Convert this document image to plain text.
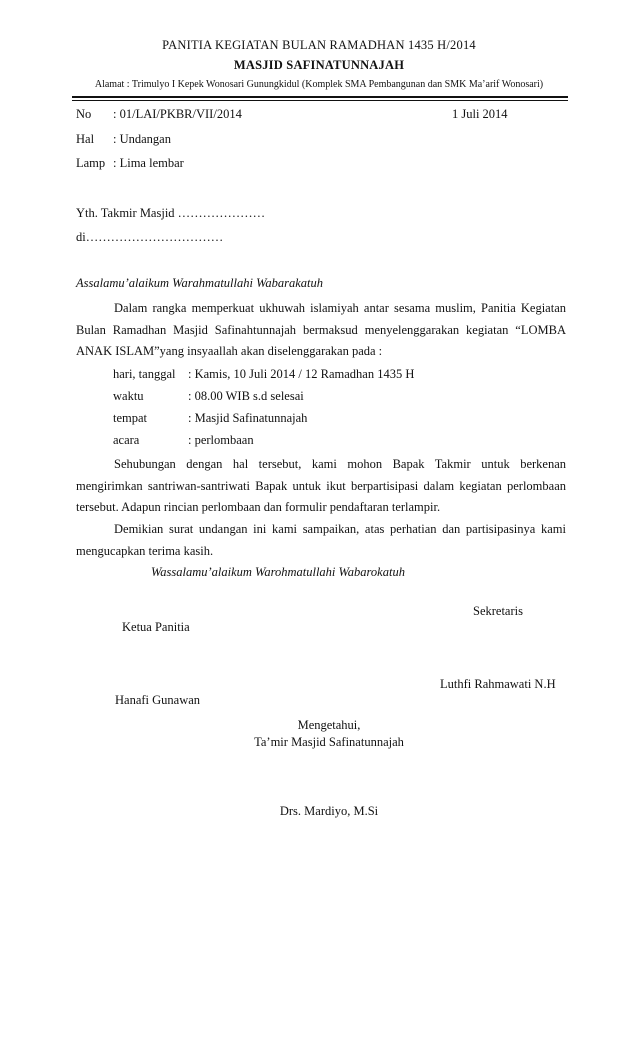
PANITIA KEGIATAN BULAN RAMADHAN 1435 H/2014
MASJID SAFINATUNNAJAH
Alamat : Trimulyo I Kepek Wonosari Gunungkidul (Komplek SMA Pembangunan dan SMK Ma’arif Wonosari)
No : 01/LAI/PKBR/VII/2014	1 Juli 2014
Hal : Undangan
Lamp : Lima lembar
Yth. Takmir Masjid …………………
di……………………………
Assalamu’alaikum Warahmatullahi Wabarakatuh
Dalam rangka memperkuat ukhuwah islamiyah antar sesama muslim, Panitia Kegiatan Bulan Ramadhan Masjid Safinahtunnajah bermaksud menyelenggarakan kegiatan “LOMBA ANAK ISLAM”yang insyaallah akan diselenggarakan pada :
hari, tanggal : Kamis, 10 Juli 2014 / 12 Ramadhan 1435 H
waktu	: 08.00 WIB s.d selesai
tempat	: Masjid Safinatunnajah
acara	: perlombaan
Sehubungan dengan hal tersebut, kami mohon Bapak Takmir untuk berkenan mengirimkan santriwan-santriwati Bapak untuk ikut berpartisipasi dalam kegiatan perlombaan tersebut. Adapun rincian perlombaan dan formulir pendaftaran terlampir.
Demikian surat undangan ini kami sampaikan, atas perhatian dan partisipasinya kami mengucapkan terima kasih.
Wassalamu’alaikum Warohmatullahi Wabarokatuh
Sekretaris
Ketua Panitia
Luthfi Rahmawati N.H
Hanafi Gunawan
Mengetahui,
Ta’mir Masjid Safinatunnajah
Drs. Mardiyo, M.Si
